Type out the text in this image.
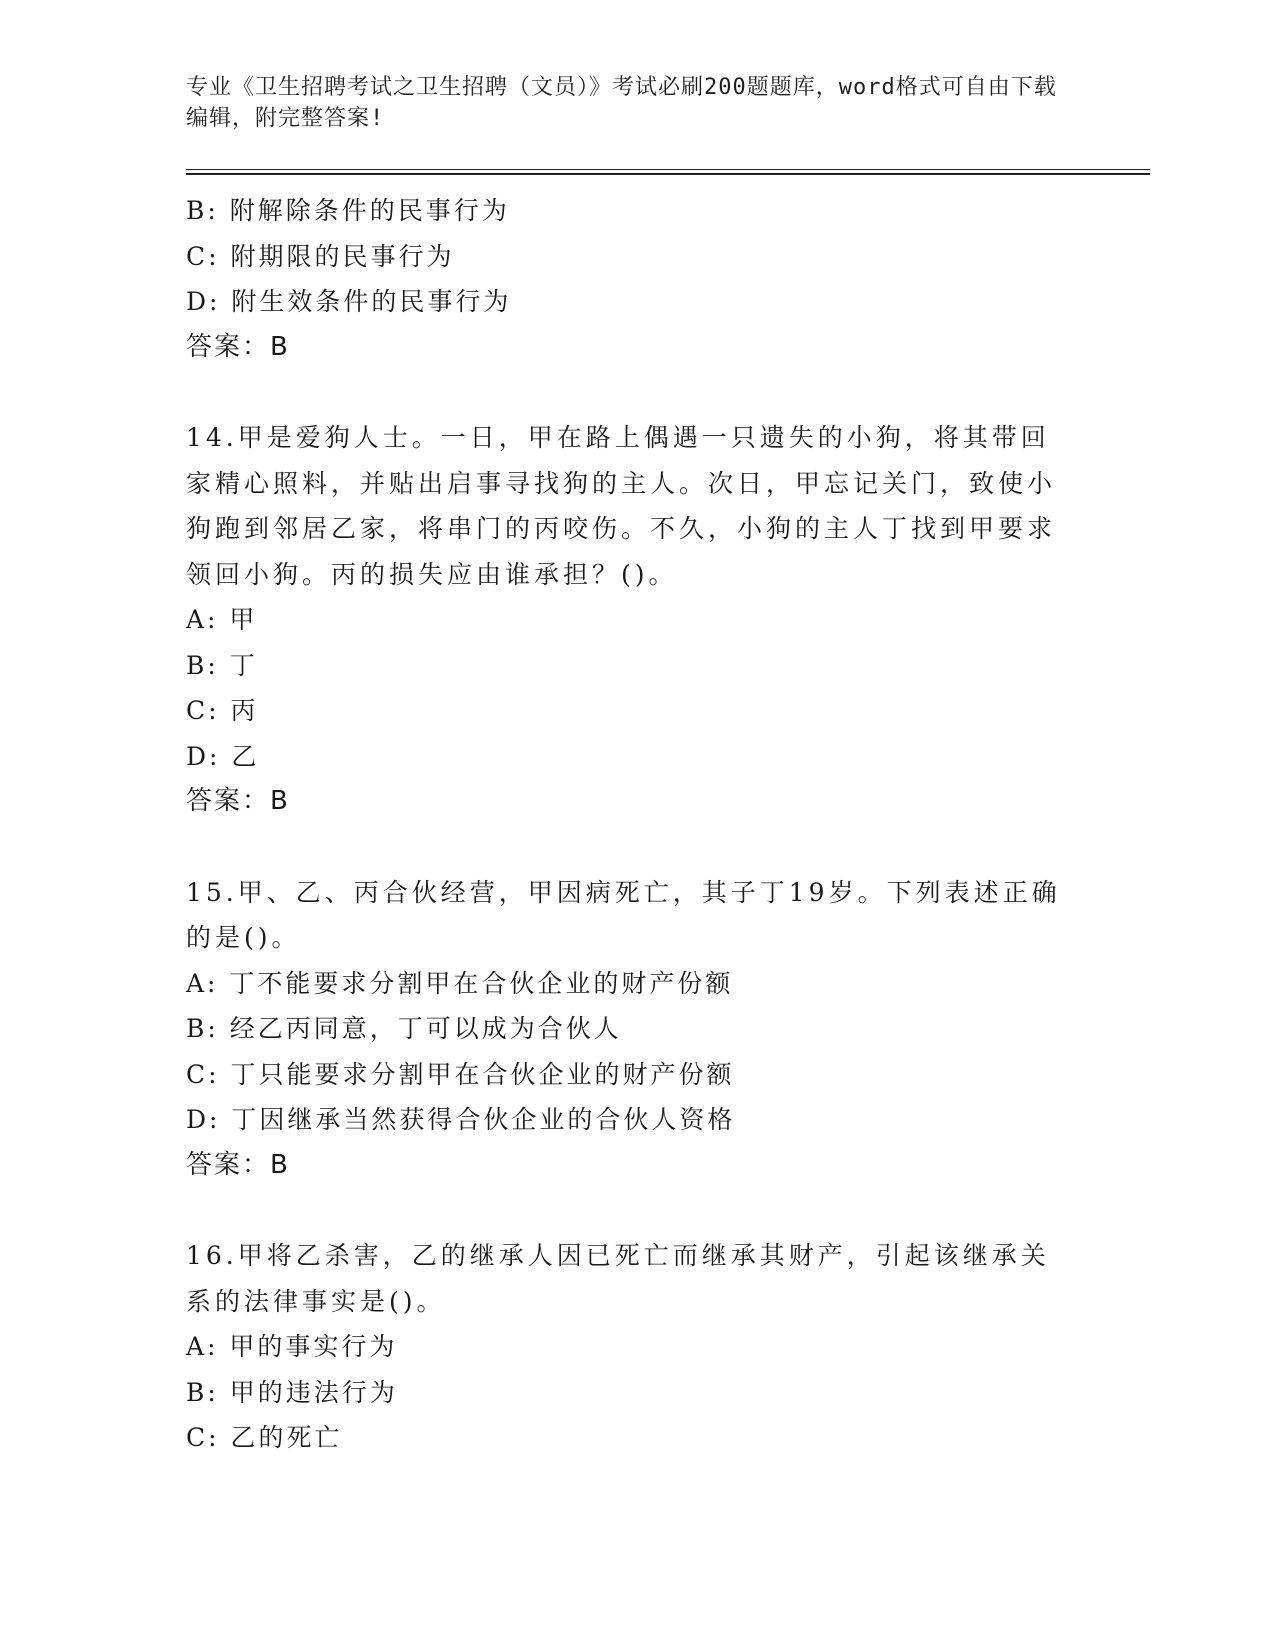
专业《卫生招聘考试之卫生招聘（文员）》考试必刷200题题库，word格式可自由下载编辑，附完整答案!
B: 附解除条件的民事行为
C: 附期限的民事行为
D: 附生效条件的民事行为
答案：B
14.甲是爱狗人士。一日，甲在路上偶遇一只遗失的小狗，将其带回家精心照料，并贴出启事寻找狗的主人。次日，甲忘记关门，致使小狗跑到邻居乙家，将串门的丙咬伤。不久，小狗的主人丁找到甲要求领回小狗。丙的损失应由谁承担？()。
A: 甲
B: 丁
C: 丙
D: 乙
答案：B
15.甲、乙、丙合伙经营，甲因病死亡，其子丁19岁。下列表述正确的是()。
A: 丁不能要求分割甲在合伙企业的财产份额
B: 经乙丙同意，丁可以成为合伙人
C: 丁只能要求分割甲在合伙企业的财产份额
D: 丁因继承当然获得合伙企业的合伙人资格
答案：B
16.甲将乙杀害，乙的继承人因已死亡而继承其财产，引起该继承关系的法律事实是()。
A: 甲的事实行为
B: 甲的违法行为
C: 乙的死亡
